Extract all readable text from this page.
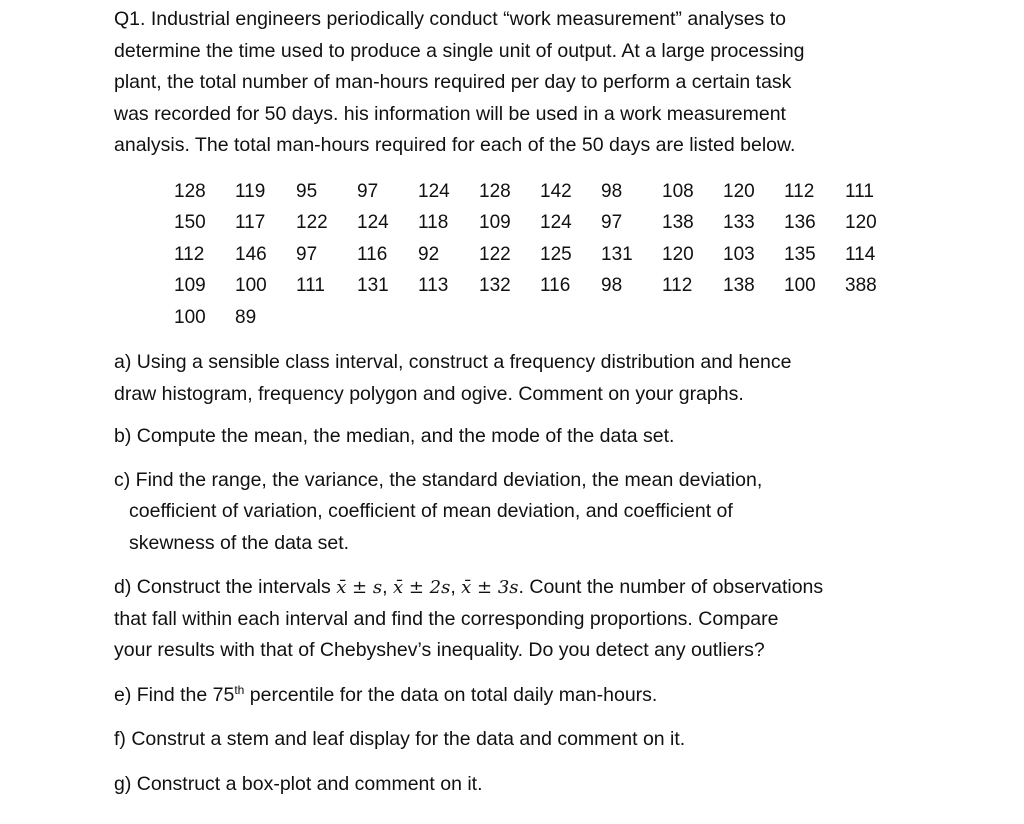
Q1. Industrial engineers periodically conduct “work measurement” analyses to
determine the time used to produce a single unit of output. At a large processing
plant, the total number of man-hours required per day to perform a certain task
was recorded for 50 days. his information will be used in a work measurement
analysis. The total man-hours required for each of the 50 days are listed below.

128	119	95	97	124	128	142	98	108	120	112	111
150	117	122	124	118	109	124	97	138	133	136	120
112	146	97	116	92	122	125	131	120	103	135	114
109	100	111	131	113	132	116	98	112	138	100	388
100	89

a) Using a sensible class interval, construct a frequency distribution and hence
draw histogram, frequency polygon and ogive. Comment on your graphs.

b) Compute the mean, the median, and the mode of the data set.

c) Find the range, the variance, the standard deviation, the mean deviation,
coefficient of variation, coefficient of mean deviation, and coefficient of
skewness of the data set.

d) Construct the intervals x̄ ± s, x̄ ± 2s, x̄ ± 3s. Count the number of observations
that fall within each interval and find the corresponding proportions. Compare
your results with that of Chebyshev’s inequality. Do you detect any outliers?

e) Find the 75th percentile for the data on total daily man-hours.

f) Construt a stem and leaf display for the data and comment on it.

g) Construct a box-plot and comment on it.
